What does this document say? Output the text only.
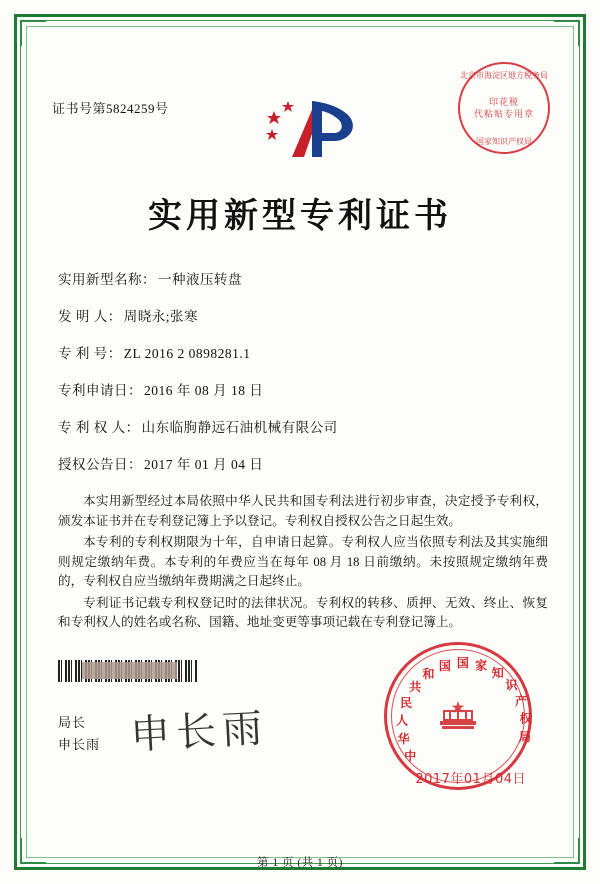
证书号第5824259号
北京市海淀区地方税务局
印花税
代粘贴专用章
国家知识产权局
实用新型专利证书
实用新型名称： 一种液压转盘
发 明 人： 周晓永;张寒
专 利 号： ZL 2016 2 0898281.1
专利申请日： 2016 年 08 月 18 日
专 利 权 人： 山东临朐静远石油机械有限公司
授权公告日： 2017 年 01 月 04 日

本实用新型经过本局依照中华人民共和国专利法进行初步审查，决定授予专利权，颁发本证书并在专利登记簿上予以登记。专利权自授权公告之日起生效。

本专利的专利权期限为十年，自申请日起算。专利权人应当依照专利法及其实施细则规定缴纳年费。本专利的年费应当在每年 08 月 18 日前缴纳。未按照规定缴纳年费的，专利权自应当缴纳年费期满之日起终止。

专利证书记载专利权登记时的法律状况。专利权的转移、质押、无效、终止、恢复和专利权人的姓名或名称、国籍、地址变更等事项记载在专利登记簿上。

申长雨
局长
申长雨
中
华
人
民
共
和
国 国 家
知
识
产
权
局
2017年01月04日
第 1 页 (共 1 页)
